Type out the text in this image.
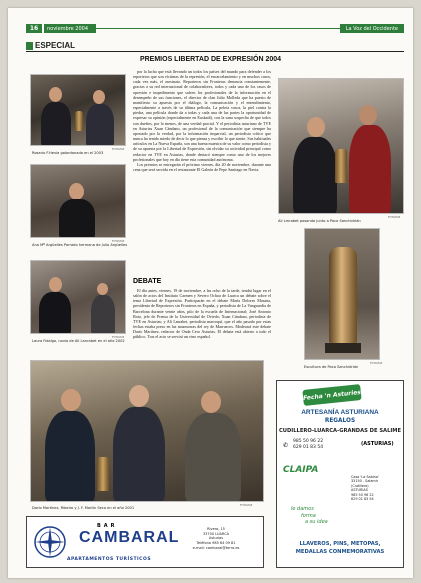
16	noviembre 2004	La Voz del Occidente
ESPECIAL
PREMIOS LIBERTAD DE EXPRESIÓN 2004
FOTOVOZ
Rosario F.Hevia galardonada en el 2003
FOTOVOZ
Ana Mª Argüelles Parrado hermana de Julio Argüelles
FOTOVOZ
Laura Fidalgo, novia de Ali Lanrabet en el año 2002

por la lucha que está llevando un todos los países del mundo para defender a los reporteros que son víctimas de la represión, el encarcelamiento y en muchos casos, cada vez más, el asesinato. Reporteros sin Fronteras denuncia constantemente, gracias a su red internacional de colaboradores, todos y cada uno de los casos de opresión e impedimento que sufren los profesionales de la información en el desempeño de sus funciones, el director de clan Julio Molleda que ha puesto de manifiesto su apuesta por el diálogo, la comunicación y el entendimiento, especialmente a través de su última película, La pelota vasca, la piel contra la piedra, una película donde da a todas y cada una de las partes la oportunidad de expresar su opinión (especialmente en Euskadi), con la sana sospecha de que todos son dueños, por lo menos, de una verdad parcial. Y el periodista asturiano de TVE en Asturias Xuan Cándano, un profesional de la comunicación que siempre ha apostado por la verdad, por la información imparcial, un periodista crítico que nunca ha tenido miedo de decir lo que piensa y escribir lo que siente. Sus habituales artículos en La Nueva España, son una buena muestra de su valor como periodista y de su apuesta por la Libertad de Expresión, sin olvidar su actividad principal como redactor en TVE en Asturias, donde destacó siempre como uno de los mejores profesionales que hoy en día tiene esta comunidad autónoma.

Los premios se entregarán el próximo viernes, día 20 de noviembre, durante una cena que será servida en el restaurante El Galeón de Pepe Santiago en Navia.

DEBATE

El día antes, viernes, 19 de noviembre, a las ocho de la tarde, tendrá lugar en el salón de actos del Instituto Carmen y Severo Ochoa de Luarca un debate sobre el tema Libertad de Expresión. Participarán en el debate María Dolores Masana, presidenta de Reporteros sin Fronteras en España, y periodista de La Vanguardia de Barcelona durante veinte años, pilo de la escuela de Internacional; José Antonio Boto, jefe de Prensa de la Universidad de Oviedo; Xuan Cándano, periodista de TVE en Asturias; y Ali Lmrabet, periodista marroquí, que el año pasado por estas fechas estaba preso en las mazmorras del rey de Marruecos. Moderará este debate Darío Martínez, redactor de Onda Cero Asturias. El debate está abierto a todo el público. Tras el acto se servirá un vino español.

FOTOVOZ
Ali Lmrabet posando junto a Paco Sanchidrián
FOTOVOZ
Escultura de Paco Sanchidrián
FOTOVOZ
Darío Martínez, Ribeiro y J. F. Martín Seco en el año 2001
BAR
CAMBARAL
APARTAMENTOS TURÍSTICOS
Rivero, 15
33700 LUARCA
Asturias
Teléfono 985 64 09 81
e-mail: cambaral@terra.es
Fecha 'n Asturies
ARTESANÍA ASTURIANA
REGALOS
CUDILLERO-LUARCA-GRANDAS DE SALIME
✆
985 50 96 22
629 01 83 54
(ASTURIAS)
CLAIPA
le damos
forma
a su idea
Casa 'La Sabina'
33150 - Salamir
(Cudillero)
ASTURIAS
985 50 96 22
629 01 83 54
LLAVEROS, PINS, METOPAS,
MEDALLAS CONMEMORATIVAS
